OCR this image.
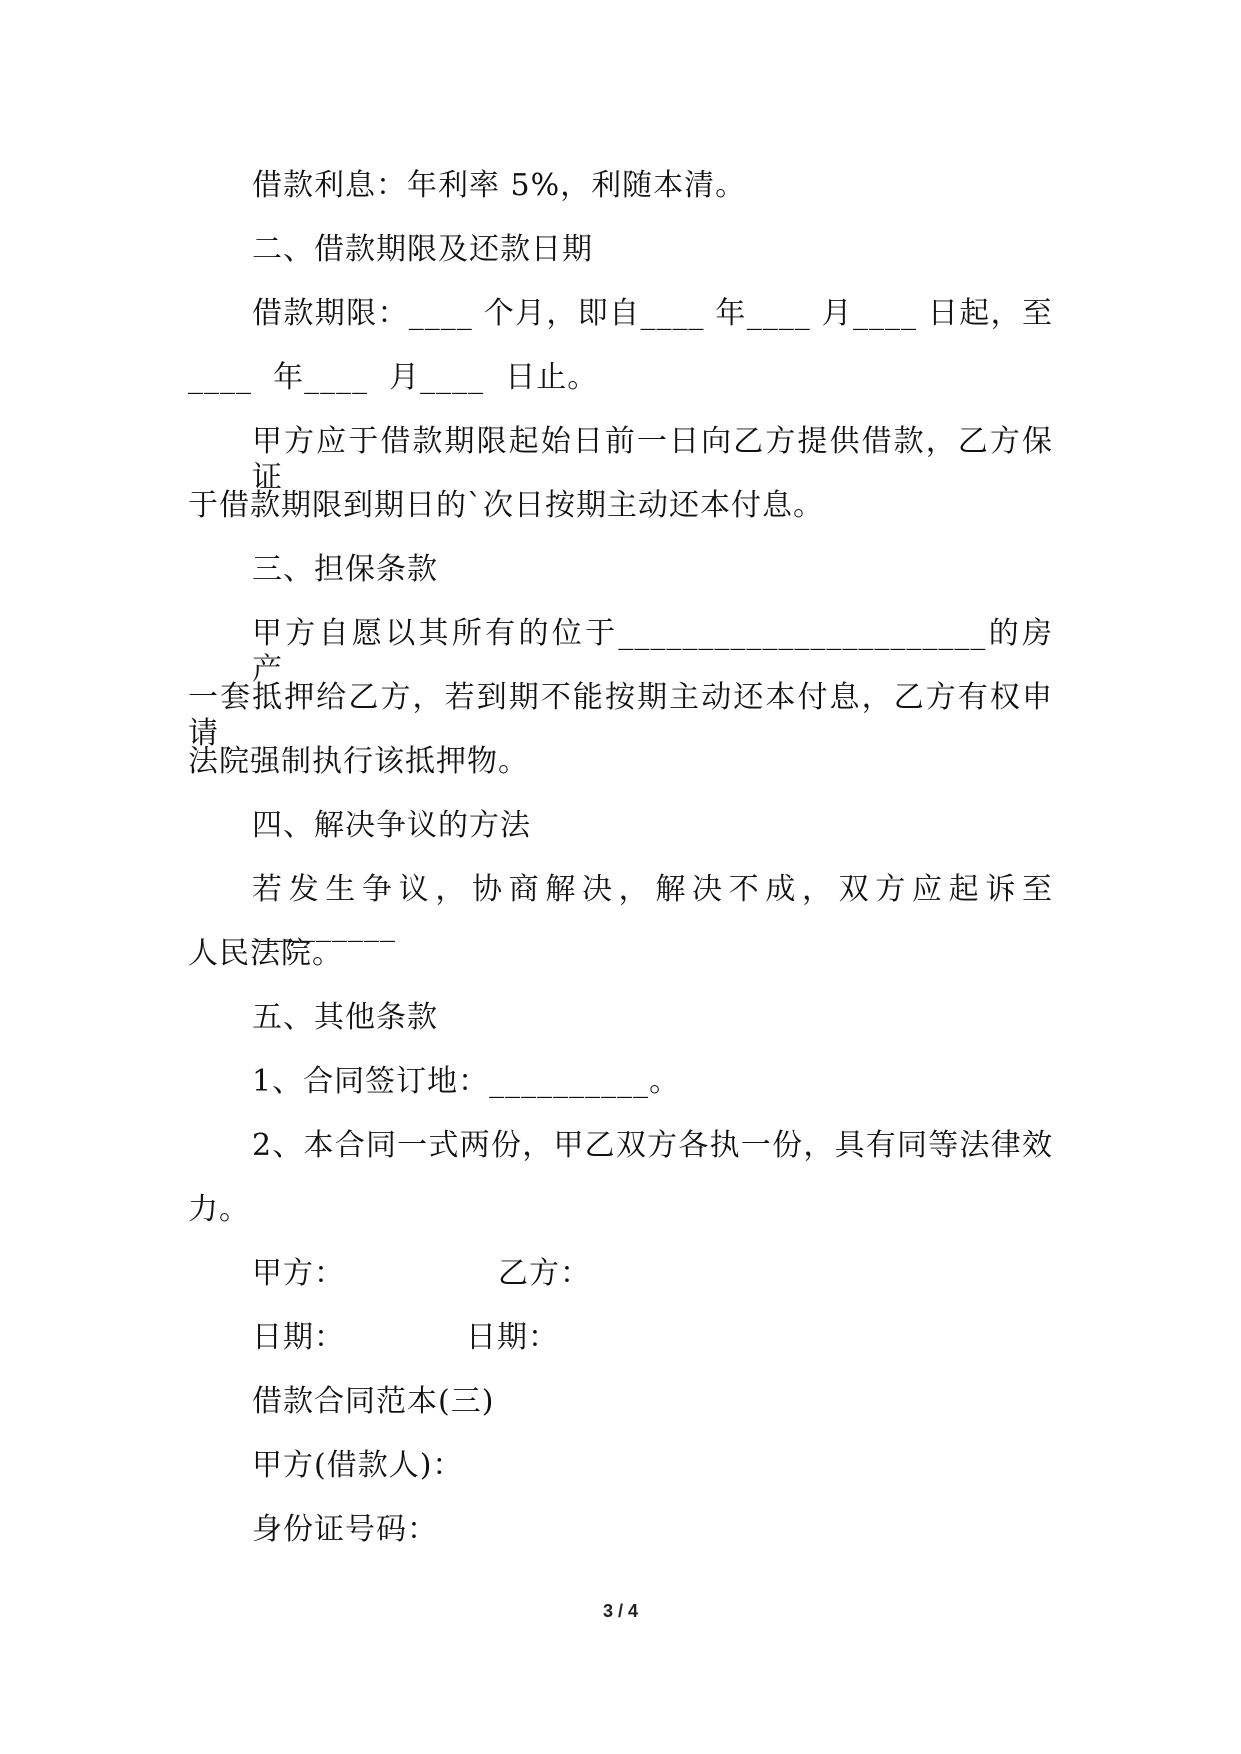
借款利息：年利率 5%，利随本清。
二、借款期限及还款日期
借款期限：____ 个月，即自____ 年____ 月____ 日起，至
____  年____  月____  日止。
甲方应于借款期限起始日前一日向乙方提供借款，乙方保证
于借款期限到期日的`次日按期主动还本付息。
三、担保条款
甲方自愿以其所有的位于_______________________的房产
一套抵押给乙方，若到期不能按期主动还本付息，乙方有权申请
法院强制执行该抵押物。
四、解决争议的方法
若发生争议，协商解决，解决不成，双方应起诉至_________
人民法院。
五、其他条款
1、合同签订地：__________。
2、本合同一式两份，甲乙双方各执一份，具有同等法律效
力。
甲方：	乙方：
日期：	日期：
借款合同范本(三)
甲方(借款人)：
身份证号码：
3 / 4
